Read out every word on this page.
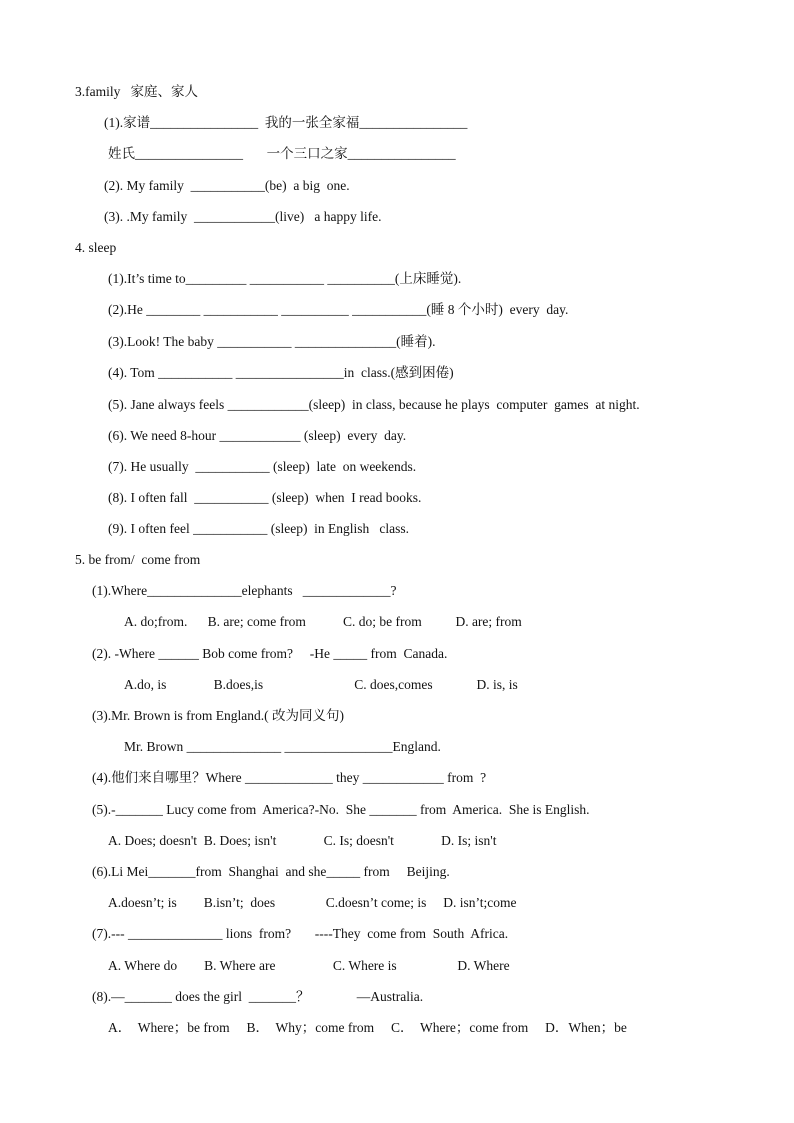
3.family   家庭、家人
(1).家谱________________  我的一张全家福________________
姓氏________________       一个三口之家________________
(2). My family  ___________(be)  a big  one.
(3). .My family  ____________(live)   a happy life.
4. sleep
(1).It’s time to_________ ___________ __________(上床睡觉).
(2).He ________ ___________ __________ ___________(睡 8 个小时)  every  day.
(3).Look! The baby ___________ _______________(睡着).
(4). Tom ___________ ________________in  class.(感到困倦)
(5). Jane always feels ____________(sleep)  in class, because he plays  computer  games  at night.
(6). We need 8-hour ____________ (sleep)  every  day.
(7). He usually  ___________ (sleep)  late  on weekends.
(8). I often fall  ___________ (sleep)  when  I read books.
(9). I often feel ___________ (sleep)  in English   class.
5. be from/  come from
(1).Where______________elephants   _____________?
A. do;from.      B. are; come from           C. do; be from          D. are; from
(2). -Where ______ Bob come from?     -He _____ from  Canada.
A.do, is              B.does,is                           C. does,comes             D. is, is
(3).Mr. Brown is from England.( 改为同义句)
Mr. Brown ______________ ________________England.
(4).他们来自哪里？Where _____________ they ____________ from  ?
(5).-_______ Lucy come from  America?-No.  She _______ from  America.  She is English.
A. Does; doesn't  B. Does; isn't              C. Is; doesn't              D. Is; isn't
(6).Li Mei_______from  Shanghai  and she_____ from     Beijing.
A.doesn’t; is        B.isn’t;  does               C.doesn’t come; is     D. isn’t;come
(7).--- ______________ lions  from?       ----They  come from  South  Africa.
A. Where do        B. Where are                 C. Where is                  D. Where
(8).—_______ does the girl  _______？              —Australia.
A．  Where；be from     B．  Why；come from     C．  Where；come from     D．When；be
